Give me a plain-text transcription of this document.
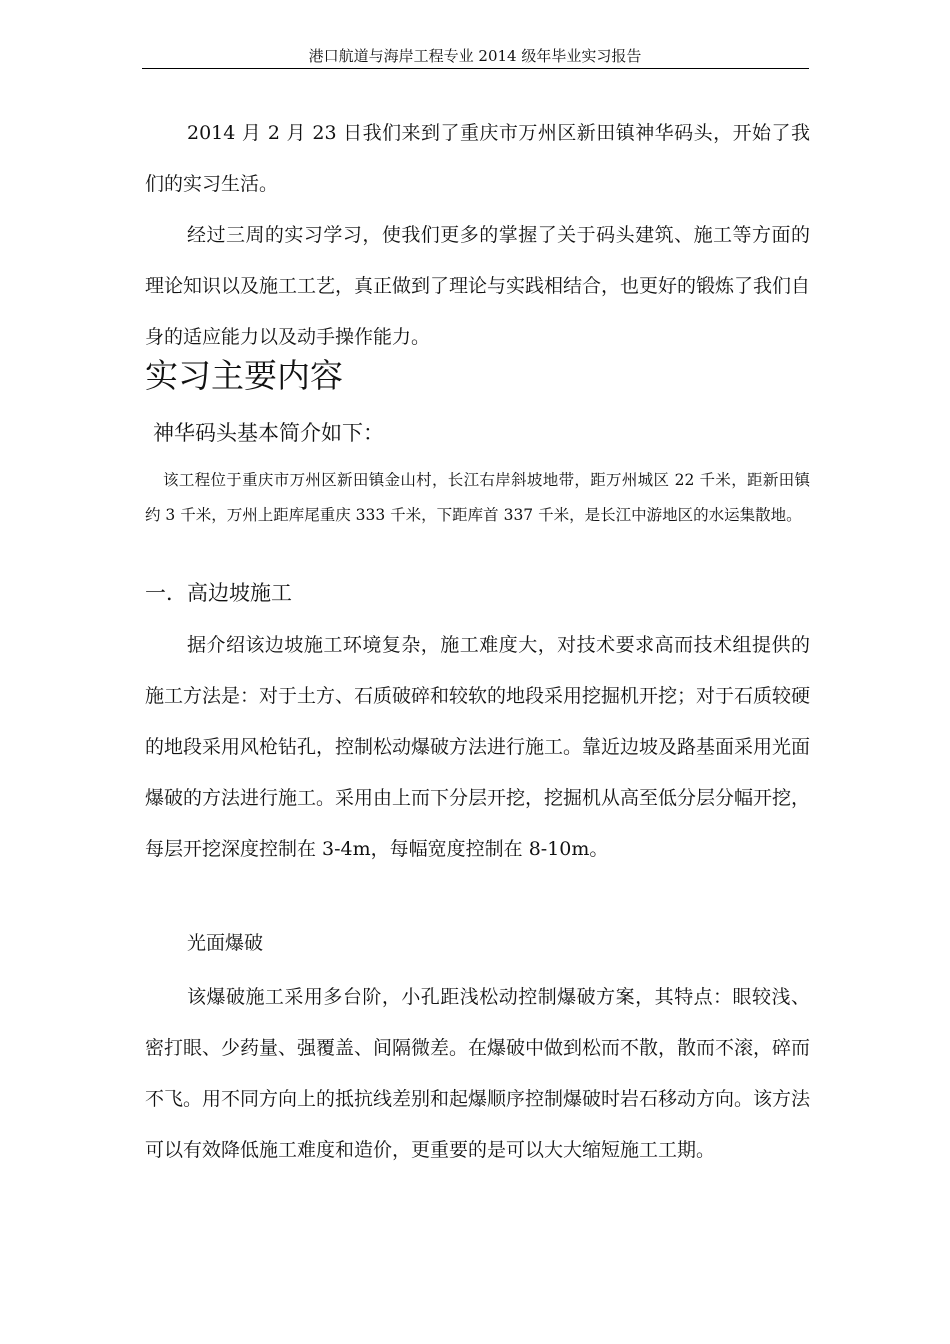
港口航道与海岸工程专业 2014 级年毕业实习报告

2014 月 2 月 23 日我们来到了重庆市万州区新田镇神华码头，开始了我们的实习生活。

经过三周的实习学习，使我们更多的掌握了关于码头建筑、施工等方面的理论知识以及施工工艺，真正做到了理论与实践相结合，也更好的锻炼了我们自身的适应能力以及动手操作能力。

实习主要内容
神华码头基本简介如下：

该工程位于重庆市万州区新田镇金山村，长江右岸斜坡地带，距万州城区 22 千米，距新田镇约 3 千米，万州上距库尾重庆 333 千米，下距库首 337 千米，是长江中游地区的水运集散地。

一．高边坡施工

据介绍该边坡施工环境复杂，施工难度大，对技术要求高而技术组提供的施工方法是：对于土方、石质破碎和较软的地段采用挖掘机开挖；对于石质较硬的地段采用风枪钻孔，控制松动爆破方法进行施工。靠近边坡及路基面采用光面爆破的方法进行施工。采用由上而下分层开挖，挖掘机从高至低分层分幅开挖，每层开挖深度控制在 3-4m，每幅宽度控制在 8-10m。

光面爆破

该爆破施工采用多台阶，小孔距浅松动控制爆破方案，其特点：眼较浅、密打眼、少药量、强覆盖、间隔微差。在爆破中做到松而不散，散而不滚，碎而不飞。用不同方向上的抵抗线差别和起爆顺序控制爆破时岩石移动方向。该方法可以有效降低施工难度和造价，更重要的是可以大大缩短施工工期。
